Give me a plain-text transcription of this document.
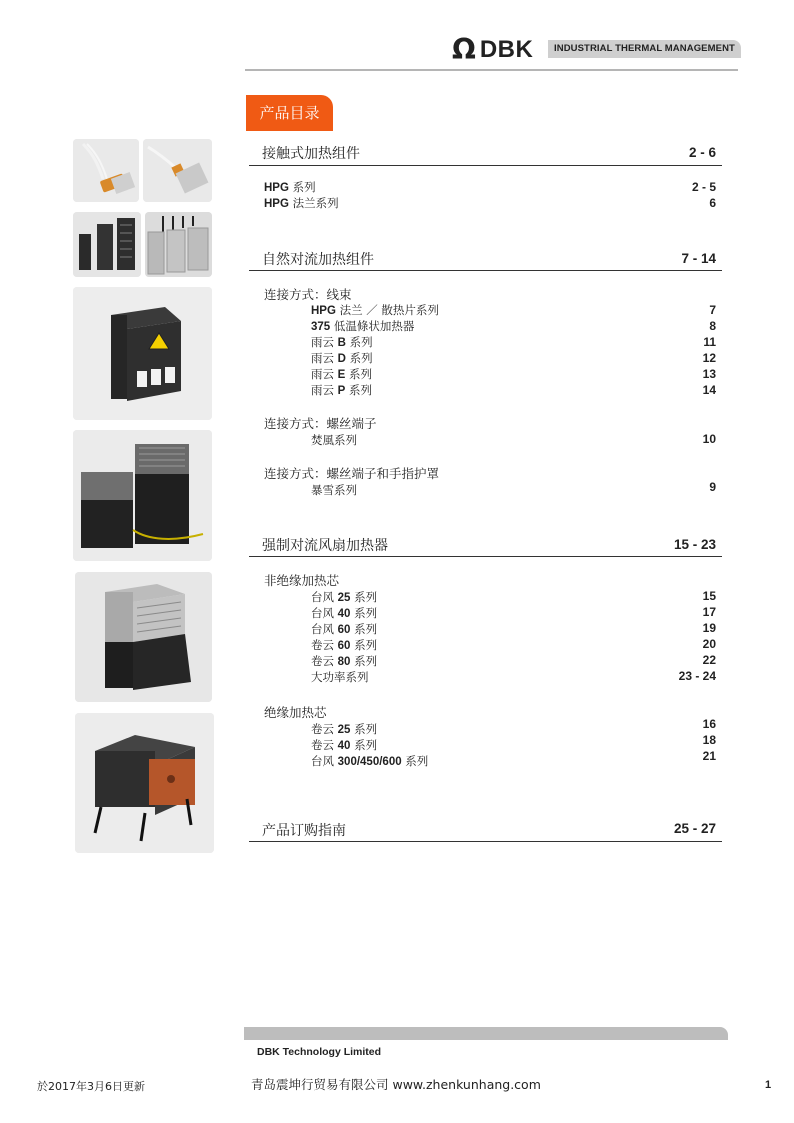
Ω DBK	INDUSTRIAL THERMAL MANAGEMENT
产品目录
接触式加热组件	2 - 6
HPG 系列	2 - 5
HPG 法兰系列	6
自然对流加热组件	7 - 14
连接方式：线束
HPG 法兰 ／ 散热片系列	7
375 低温條状加热器	8
雨云 B 系列	11
雨云 D 系列	12
雨云 E 系列	13
雨云 P 系列	14
连接方式：螺丝端子
焚風系列	10
连接方式：螺丝端子和手指护罩
暴雪系列	9
强制对流风扇加热器	15 - 23
非绝缘加热芯
台风 25 系列	15
台风 40 系列	17
台风 60 系列	19
卷云 60 系列	20
卷云 80 系列	22
大功率系列	23 - 24
绝缘加热芯
卷云 25 系列	16
卷云 40 系列	18
台风 300/450/600 系列	21
产品订购指南	25 - 27
DBK Technology Limited
於2017年3月6日更新	青岛震坤行贸易有限公司 www.zhenkunhang.com	1
